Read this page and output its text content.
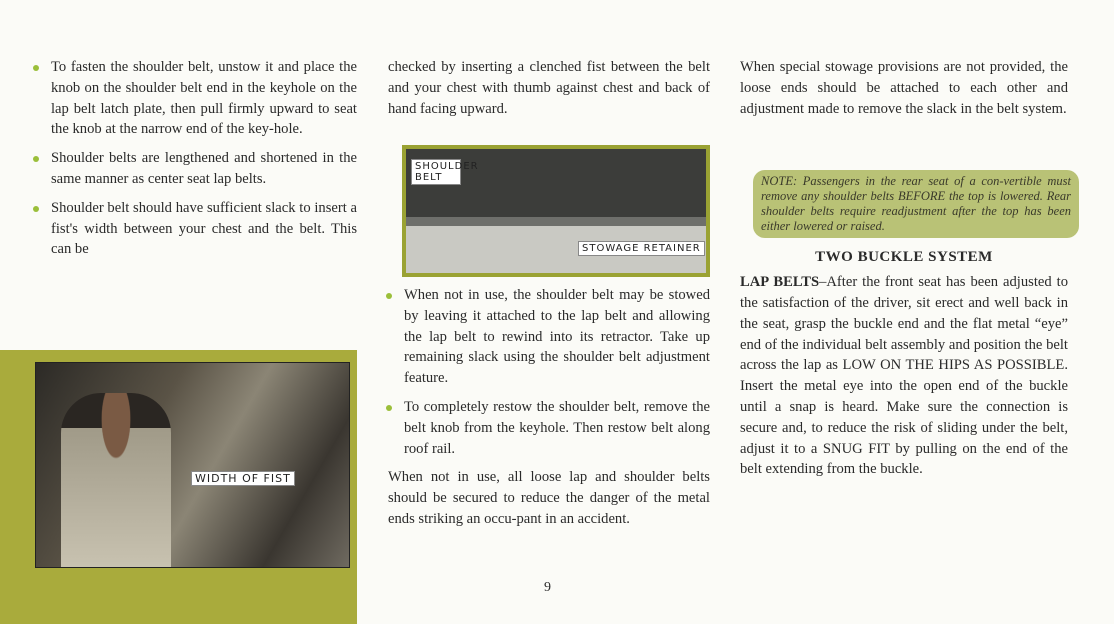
To fasten the shoulder belt, unstow it and place the knob on the shoulder belt end in the keyhole on the lap belt latch plate, then pull firmly upward to seat the knob at the narrow end of the key-hole.

Shoulder belts are lengthened and shortened in the same manner as center seat lap belts.

Shoulder belt should have sufficient slack to insert a fist's width between your chest and the belt. This can be

WIDTH OF FIST

checked by inserting a clenched fist between the belt and your chest with thumb against chest and back of hand facing upward.

SHOULDER BELT
STOWAGE RETAINER

When not in use, the shoulder belt may be stowed by leaving it attached to the lap belt and allowing the lap belt to rewind into its retractor. Take up remaining slack using the shoulder belt adjustment feature.

To completely restow the shoulder belt, remove the belt knob from the keyhole. Then restow belt along roof rail.

When not in use, all loose lap and shoulder belts should be secured to reduce the danger of the metal ends striking an occu-pant in an accident.

When special stowage provisions are not provided, the loose ends should be attached to each other and adjustment made to remove the slack in the belt system.

TWO BUCKLE SYSTEM

LAP BELTS–After the front seat has been adjusted to the satisfaction of the driver, sit erect and well back in the seat, grasp the buckle end and the flat metal “eye” end of the individual belt assembly and position the belt across the lap as LOW ON THE HIPS AS POSSIBLE. Insert the metal eye into the open end of the buckle until a snap is heard. Make sure the connection is secure and, to reduce the risk of sliding under the belt, adjust it to a SNUG FIT by pulling on the end of the belt extending from the buckle.

NOTE: Passengers in the rear seat of a con-vertible must remove any shoulder belts BEFORE the top is lowered. Rear shoulder belts require readjustment after the top has been either lowered or raised.
9
